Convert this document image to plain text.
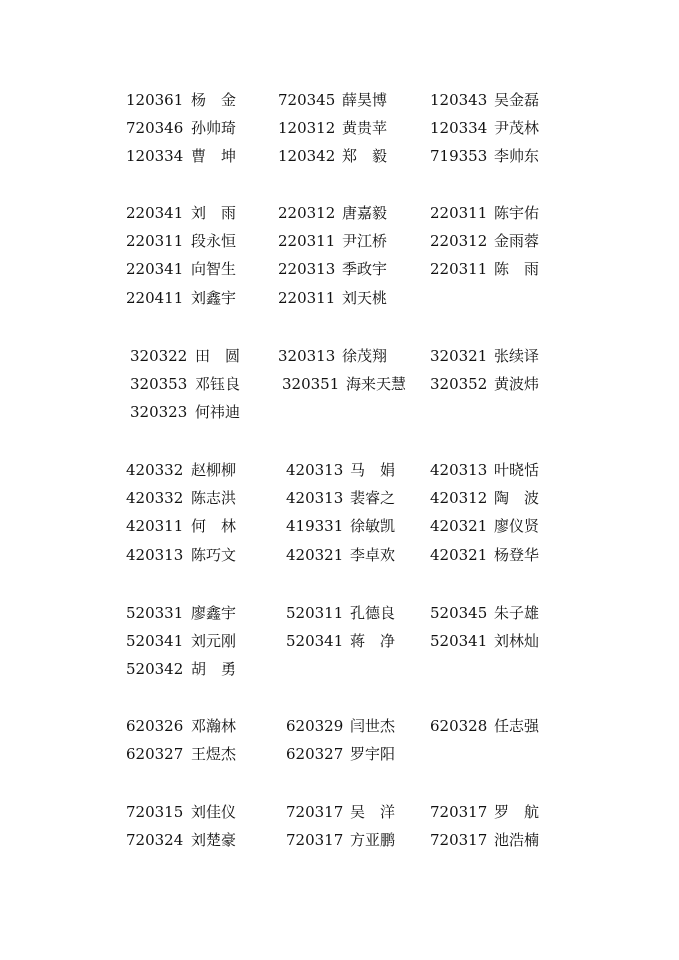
120361 杨　金	720345 薛昊博	120343 吴金磊
720346 孙帅琦	120312 黄贵苹	120334 尹茂林
120334 曹　坤	120342 郑　毅	719353 李帅东
220341 刘　雨	220312 唐嘉毅	220311 陈宇佑
220311 段永恒	220311 尹江桥	220312 金雨蓉
220341 向智生	220313 季政宇	220311 陈　雨
220411 刘鑫宇	220311 刘天桃
320322 田　圆	320313 徐茂翔	320321 张续译
320353 邓钰良	320351 海来天慧 320352 黄波炜
320323 何祎迪
420332 赵柳柳	420313 马　娟 420313 叶晓恬
420332 陈志洪	420313 裴睿之 420312 陶　波
420311 何　林	419331 徐敏凯 420321 廖仪贤
420313 陈巧文	420321 李卓欢 420321 杨登华
520331 廖鑫宇	520311 孔德良 520345 朱子雄
520341 刘元刚	520341 蒋　净 520341 刘林灿
520342 胡　勇
620326 邓瀚林	620329 闫世杰 620328 任志强
620327 王煜杰	620327 罗宇阳
720315 刘佳仪	720317 吴　洋 720317 罗　航
720324 刘楚豪	720317 方亚鹏 720317 池浩楠
